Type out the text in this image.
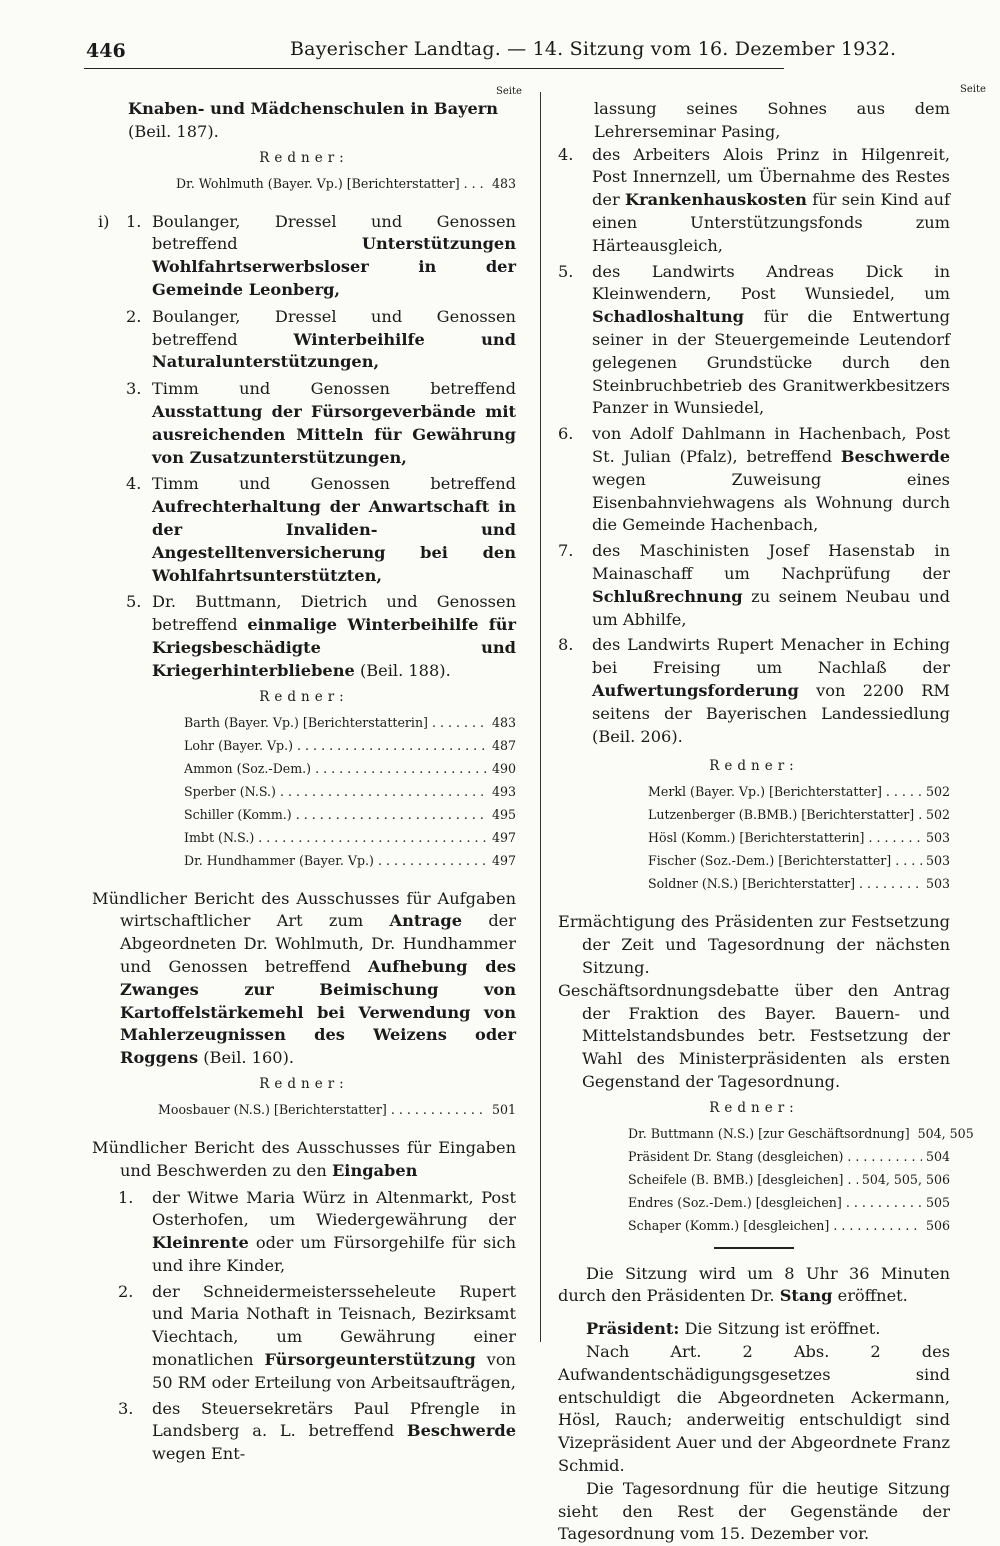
446	Bayerischer Landtag. — 14. Sitzung vom 16. Dezember 1932.
Seite	Seite

Knaben- und Mädchenschulen in Bayern
(Beil. 187).

Redner:
Dr. Wohlmuth (Bayer. Vp.) [Berichterstatter] . . .	483
i) 1. Boulanger, Dressel und Genossen betreffend Unterstützungen Wohlfahrtserwerbsloser in der Gemeinde Leonberg,
2. Boulanger, Dressel und Genossen betreffend Winterbeihilfe und Naturalunterstützungen,
3. Timm und Genossen betreffend Ausstattung der Fürsorgeverbände mit ausreichenden Mitteln für Gewährung von Zusatzunterstützungen,
4. Timm und Genossen betreffend Aufrechterhaltung der Anwartschaft in der Invaliden- und Angestelltenversicherung bei den Wohlfahrtsunterstützten,
5. Dr. Buttmann, Dietrich und Genossen betreffend einmalige Winterbeihilfe für Kriegsbeschädigte und Kriegerhinterbliebene (Beil. 188).
Redner:
Barth (Bayer. Vp.) [Berichterstatterin] . . .	483
Lohr (Bayer. Vp.) . . .	487
Ammon (Soz.-Dem.) . . .	490
Sperber (N.S.) . . .	493
Schiller (Komm.) . . .	495
Imbt (N.S.) . . .	497
Dr. Hundhammer (Bayer. Vp.) . . .	497

Mündlicher Bericht des Ausschusses für Aufgaben wirtschaftlicher Art zum Antrage der Abgeordneten Dr. Wohlmuth, Dr. Hundhammer und Genossen betreffend Aufhebung des Zwanges zur Beimischung von Kartoffelstärkemehl bei Verwendung von Mahlerzeugnissen des Weizens oder Roggens (Beil. 160).

Redner:
Moosbauer (N.S.) [Berichterstatter] . . .	501

Mündlicher Bericht des Ausschusses für Eingaben und Beschwerden zu den Eingaben

1.	der Witwe Maria Würz in Altenmarkt, Post Osterhofen, um Wiedergewährung der Kleinrente oder um Fürsorgehilfe für sich und ihre Kinder,
2.	der Schneidermeistersseheleute Rupert und Maria Nothaft in Teisnach, Bezirksamt Viechtach, um Gewährung einer monatlichen Fürsorgeunterstützung von 50 RM oder Erteilung von Arbeitsaufträgen,
3.	des Steuersekretärs Paul Pfrengle in Landsberg a. L. betreffend Beschwerde wegen Ent-

lassung seines Sohnes aus dem Lehrerseminar Pasing,

4.	des Arbeiters Alois Prinz in Hilgenreit, Post Innernzell, um Übernahme des Restes der Krankenhauskosten für sein Kind auf einen Unterstützungsfonds zum Härteausgleich,
5.	des Landwirts Andreas Dick in Kleinwendern, Post Wunsiedel, um Schadloshaltung für die Entwertung seiner in der Steuergemeinde Leutendorf gelegenen Grundstücke durch den Steinbruchbetrieb des Granitwerkbesitzers Panzer in Wunsiedel,
6.	von Adolf Dahlmann in Hachenbach, Post St. Julian (Pfalz), betreffend Beschwerde wegen Zuweisung eines Eisenbahnviehwagens als Wohnung durch die Gemeinde Hachenbach,
7.	des Maschinisten Josef Hasenstab in Mainaschaff um Nachprüfung der Schlußrechnung zu seinem Neubau und um Abhilfe,
8.	des Landwirts Rupert Menacher in Eching bei Freising um Nachlaß der Aufwertungsforderung von 2200 RM seitens der Bayerischen Landessiedlung (Beil. 206).
Redner:
Merkl (Bayer. Vp.) [Berichterstatter] . . .	502
Lutzenberger (B.BMB.) [Berichterstatter] . . . 502
Hösl (Komm.) [Berichterstatterin] . . .	503
Fischer (Soz.-Dem.) [Berichterstatter] . . .	503
Soldner (N.S.) [Berichterstatter] . . .	503

Ermächtigung des Präsidenten zur Festsetzung der Zeit und Tagesordnung der nächsten Sitzung.

Geschäftsordnungsdebatte über den Antrag der Fraktion des Bayer. Bauern- und Mittelstandsbundes betr. Festsetzung der Wahl des Ministerpräsidenten als ersten Gegenstand der Tagesordnung.

Redner:
Dr. Buttmann (N.S.) [zur Geschäftsordnung] 504, 505
Präsident Dr. Stang (desgleichen) . . .	504
Scheifele (B. BMB.) [desgleichen] . . . 504, 505, 506
Endres (Soz.-Dem.) [desgleichen] . . .	505
Schaper (Komm.) [desgleichen] . . .	506

Die Sitzung wird um 8 Uhr 36 Minuten durch den Präsidenten Dr. Stang eröffnet.

Präsident: Die Sitzung ist eröffnet.

Nach Art. 2 Abs. 2 des Aufwandentschädigungsgesetzes sind entschuldigt die Abgeordneten Ackermann, Hösl, Rauch; anderweitig entschuldigt sind Vizepräsident Auer und der Abgeordnete Franz Schmid.

Die Tagesordnung für die heutige Sitzung sieht den Rest der Gegenstände der Tagesordnung vom 15. Dezember vor.
